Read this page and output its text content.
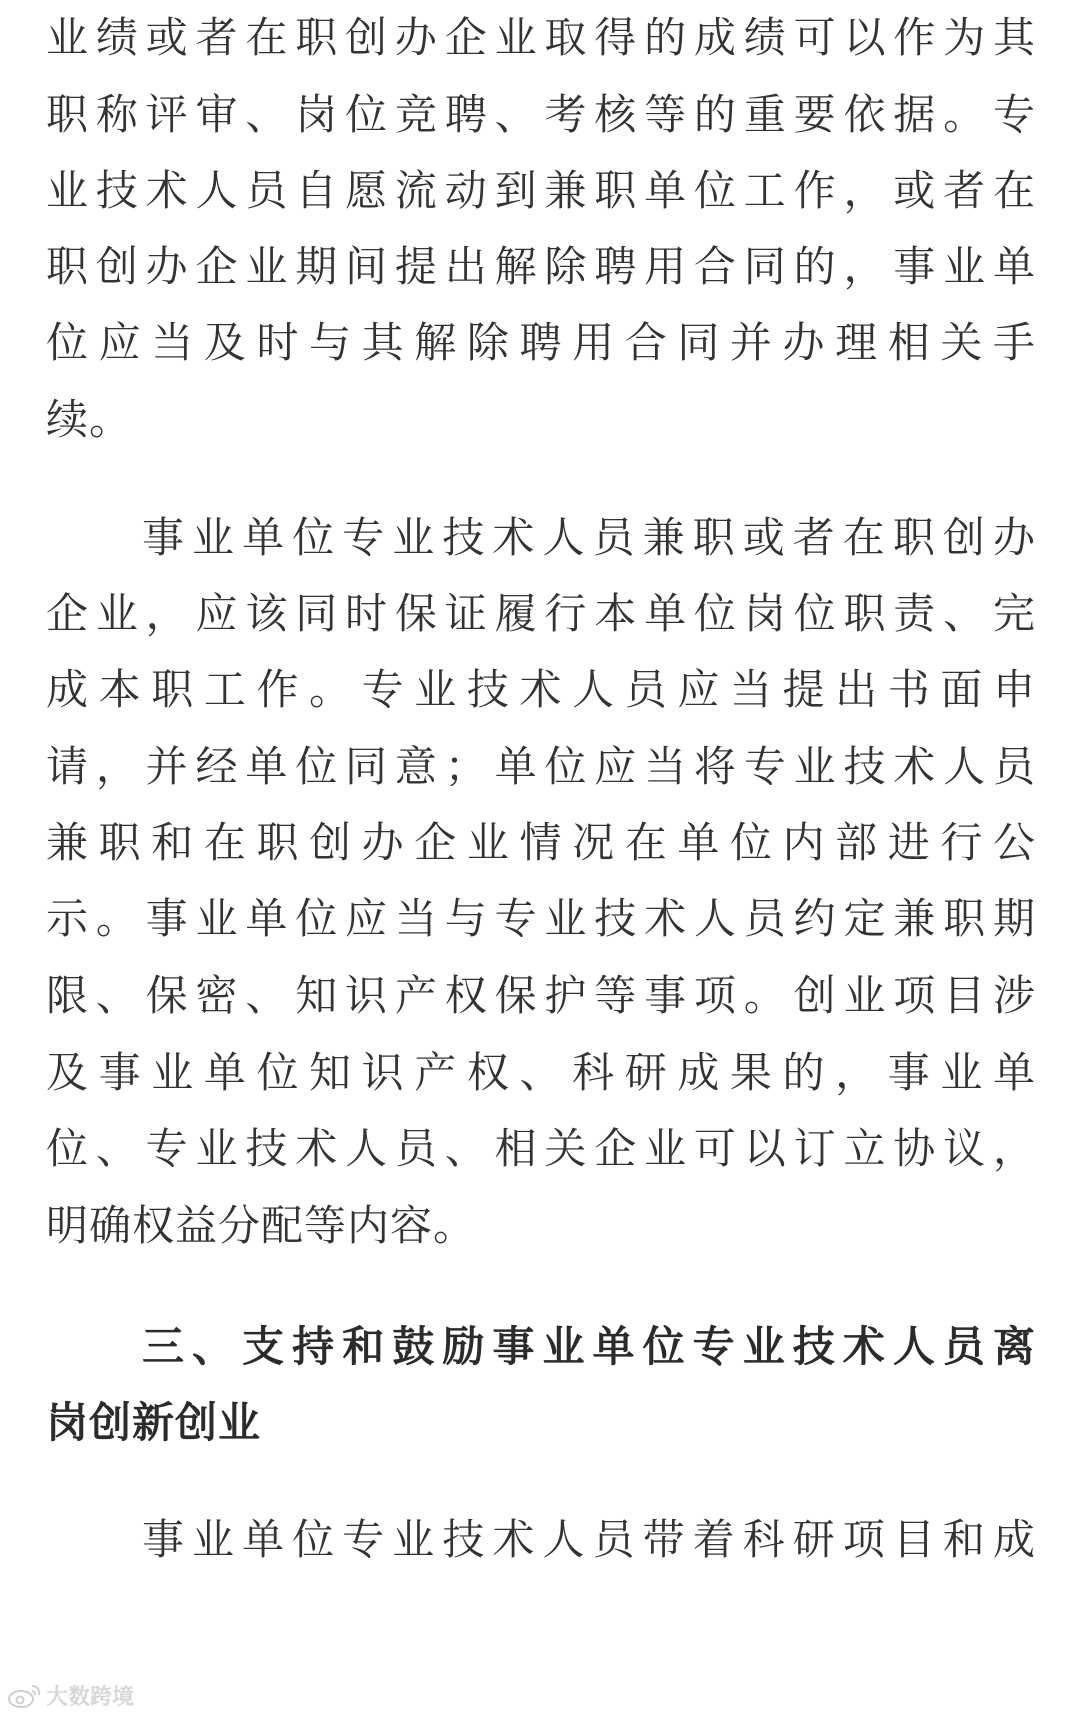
业绩或者在职创办企业取得的成绩可以作为其
职称评审、岗位竞聘、考核等的重要依据。专
业技术人员自愿流动到兼职单位工作，或者在
职创办企业期间提出解除聘用合同的，事业单
位应当及时与其解除聘用合同并办理相关手
续。
事业单位专业技术人员兼职或者在职创办
企业，应该同时保证履行本单位岗位职责、完
成本职工作。专业技术人员应当提出书面申
请，并经单位同意；单位应当将专业技术人员
兼职和在职创办企业情况在单位内部进行公
示。事业单位应当与专业技术人员约定兼职期
限、保密、知识产权保护等事项。创业项目涉
及事业单位知识产权、科研成果的，事业单
位、专业技术人员、相关企业可以订立协议，
明确权益分配等内容。
三、支持和鼓励事业单位专业技术人员离
岗创新创业
事业单位专业技术人员带着科研项目和成
大数跨境
